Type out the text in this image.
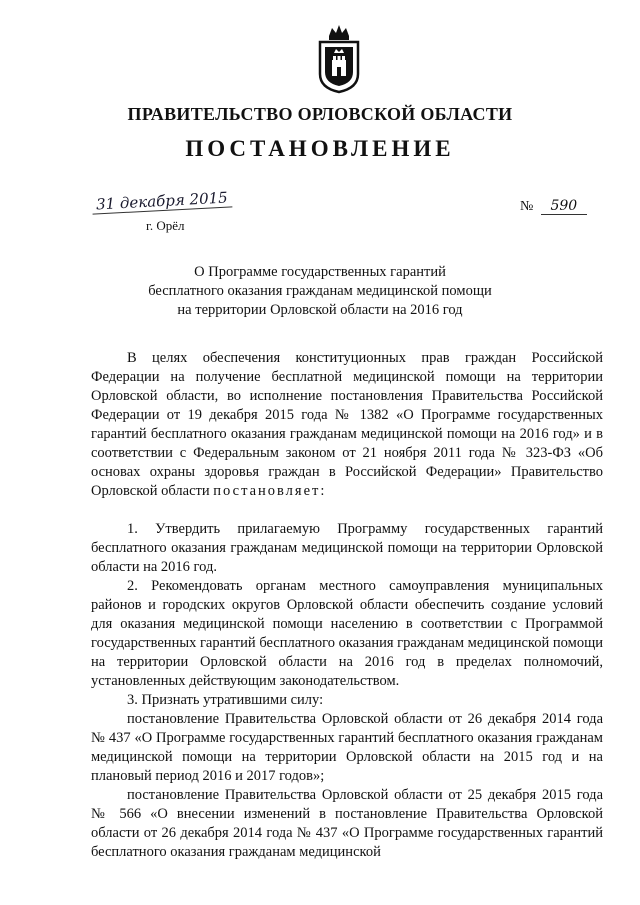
ПРАВИТЕЛЬСТВО ОРЛОВСКОЙ ОБЛАСТИ
ПОСТАНОВЛЕНИЕ
31 декабря 2015
г. Орёл
№ 590
О Программе государственных гарантий
бесплатного оказания гражданам медицинской помощи
на территории Орловской области на 2016 год

В целях обеспечения конституционных прав граждан Российской Федерации на получение бесплатной медицинской помощи на территории Орловской области, во исполнение постановления Правительства Российской Федерации от 19 декабря 2015 года № 1382 «О Программе государственных гарантий бесплатного оказания гражданам медицинской помощи на 2016 год» и в соответствии с Федеральным законом от 21 ноября 2011 года № 323-ФЗ «Об основах охраны здоровья граждан в Российской Федерации» Правительство Орловской области постановляет:

1. Утвердить прилагаемую Программу государственных гарантий бесплатного оказания гражданам медицинской помощи на территории Орловской области на 2016 год.

2. Рекомендовать органам местного самоуправления муниципальных районов и городских округов Орловской области обеспечить создание условий для оказания медицинской помощи населению в соответствии с Программой государственных гарантий бесплатного оказания гражданам медицинской помощи на территории Орловской области на 2016 год в пределах полномочий, установленных действующим законодательством.

3. Признать утратившими силу:

постановление Правительства Орловской области от 26 декабря 2014 года № 437 «О Программе государственных гарантий бесплатного оказания гражданам медицинской помощи на территории Орловской области на 2015 год и на плановый период 2016 и 2017 годов»;

постановление Правительства Орловской области от 25 декабря 2015 года № 566 «О внесении изменений в постановление Правительства Орловской области от 26 декабря 2014 года № 437 «О Программе государственных гарантий бесплатного оказания гражданам медицинской
